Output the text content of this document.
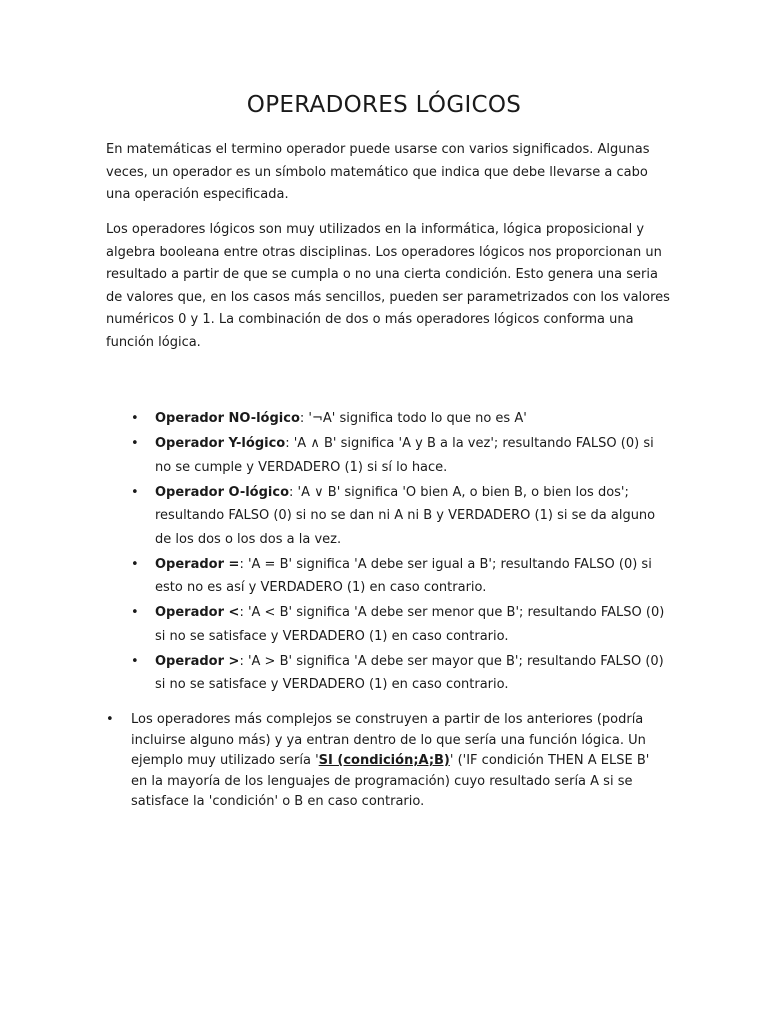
OPERADORES LÓGICOS

En matemáticas el termino operador puede usarse con varios significados. Algunas veces, un operador es un símbolo matemático que indica que debe llevarse a cabo una operación especificada.

Los operadores lógicos son muy utilizados en la informática, lógica proposicional y algebra booleana entre otras disciplinas. Los operadores lógicos nos proporcionan un resultado a partir de que se cumpla o no una cierta condición. Esto genera una seria de valores que, en los casos más sencillos, pueden ser parametrizados con los valores numéricos 0 y 1. La combinación de dos o más operadores lógicos conforma una función lógica.

• Operador NO-lógico: '¬A' significa todo lo que no es A'
• Operador Y-lógico: 'A ∧ B' significa 'A y B a la vez'; resultando FALSO (0) si no se cumple y VERDADERO (1) si sí lo hace.
• Operador O-lógico: 'A ∨ B' significa 'O bien A, o bien B, o bien los dos'; resultando FALSO (0) si no se dan ni A ni B y VERDADERO (1) si se da alguno de los dos o los dos a la vez.
• Operador =: 'A = B' significa 'A debe ser igual a B'; resultando FALSO (0) si esto no es así y VERDADERO (1) en caso contrario.
• Operador <: 'A < B' significa 'A debe ser menor que B'; resultando FALSO (0) si no se satisface y VERDADERO (1) en caso contrario.
• Operador >: 'A > B' significa 'A debe ser mayor que B'; resultando FALSO (0) si no se satisface y VERDADERO (1) en caso contrario.
• Los operadores más complejos se construyen a partir de los anteriores (podría incluirse alguno más) y ya entran dentro de lo que sería una función lógica. Un ejemplo muy utilizado sería 'SI (condición;A;B)' ('IF condición THEN A ELSE B' en la mayoría de los lenguajes de programación) cuyo resultado sería A si se satisface la 'condición' o B en caso contrario.
